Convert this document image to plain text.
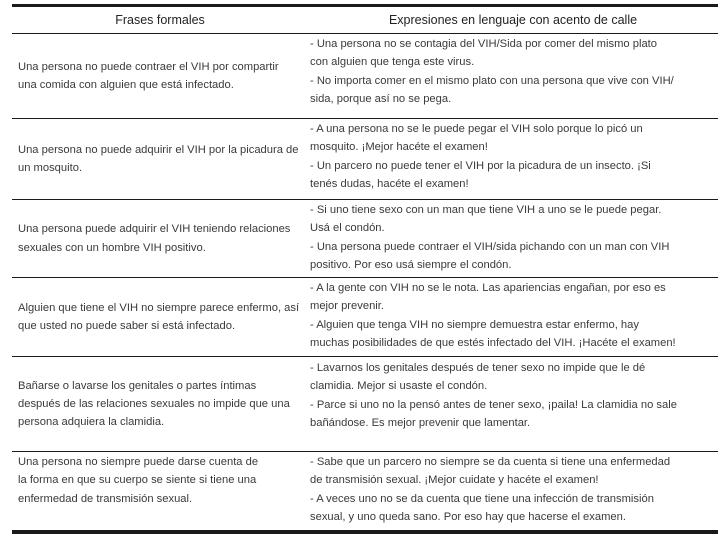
Frases formales	Expresiones en lenguaje con acento de calle
Una persona no puede contraer el VIH por compartir
una comida con alguien que está infectado.
- Una persona no se contagia del VIH/Sida por comer del mismo plato
con alguien que tenga este virus.
- No importa comer en el mismo plato con una persona que vive con VIH/
sida, porque así no se pega.
Una persona no puede adquirir el VIH por la picadura de
un mosquito.
- A una persona no se le puede pegar el VIH solo porque lo picó un
mosquito. ¡Mejor hacéte el examen!
- Un parcero no puede tener el VIH por la picadura de un insecto. ¡Si
tenés dudas, hacéte el examen!
Una persona puede adquirir el VIH teniendo relaciones
sexuales con un hombre VIH positivo.
- Si uno tiene sexo con un man que tiene VIH a uno se le puede pegar.
Usá el condón.
- Una persona puede contraer el VIH/sida pichando con un man con VIH
positivo. Por eso usá siempre el condón.
Alguien que tiene el VIH no siempre parece enfermo, así
que usted no puede saber si está infectado.
- A la gente con VIH no se le nota. Las apariencias engañan, por eso es
mejor prevenir.
- Alguien que tenga VIH no siempre demuestra estar enfermo, hay
muchas posibilidades de que estés infectado del VIH. ¡Hacéte el examen!
Bañarse o lavarse los genitales o partes íntimas
después de las relaciones sexuales no impide que una
persona adquiera la clamidia.
- Lavarnos los genitales después de tener sexo no impide que le dé
clamidia. Mejor si usaste el condón.
- Parce si uno no la pensó antes de tener sexo, ¡paila! La clamidia no sale
bañándose. Es mejor prevenir que lamentar.
Una persona no siempre puede darse cuenta de
la forma en que su cuerpo se siente si tiene una
enfermedad de transmisión sexual.
- Sabe que un parcero no siempre se da cuenta si tiene una enfermedad
de transmisión sexual. ¡Mejor cuidate y hacéte el examen!
- A veces uno no se da cuenta que tiene una infección de transmisión
sexual, y uno queda sano. Por eso hay que hacerse el examen.
